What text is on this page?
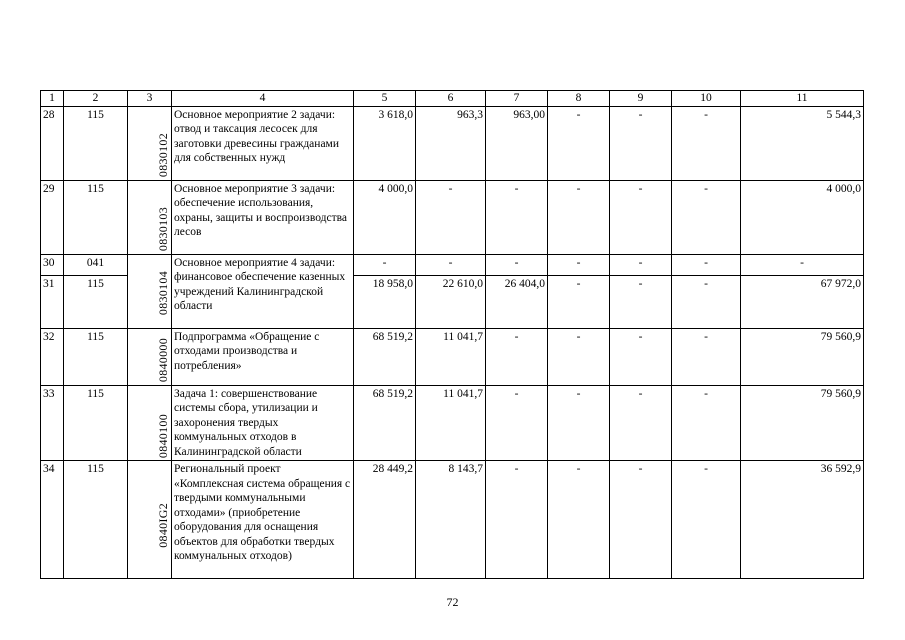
1	2	3	4	5	6	7	8	9	10	11
28	115	0830102	Основное мероприятие 2 задачи: отвод и таксация лесосек для заготовки древесины гражданами для собственных нужд	3 618,0	963,3	963,00	-	-	-	5 544,3
29	115	0830103	Основное мероприятие 3 задачи: обеспечение использования, охраны, защиты и воспроизводства лесов	4 000,0	-	-	-	-	-	4 000,0
30	041	0830104	Основное мероприятие 4 задачи: финансовое обеспечение казенных учреждений Калининградской области	-	-	-	-	-	-	-
31	115			18 958,0	22 610,0	26 404,0	-	-	-	67 972,0
32	115	0840000	Подпрограмма «Обращение с отходами производства и потребления»	68 519,2	11 041,7	-	-	-	-	79 560,9
33	115	0840100	Задача 1: совершенствование системы сбора, утилизации и захоронения твердых коммунальных отходов в Калининградской области	68 519,2	11 041,7	-	-	-	-	79 560,9
34	115	0840IG2	Региональный проект «Комплексная система обращения с твердыми коммунальными отходами» (приобретение оборудования для оснащения объектов для обработки твердых коммунальных отходов)	28 449,2	8 143,7	-	-	-	-	36 592,9
72
